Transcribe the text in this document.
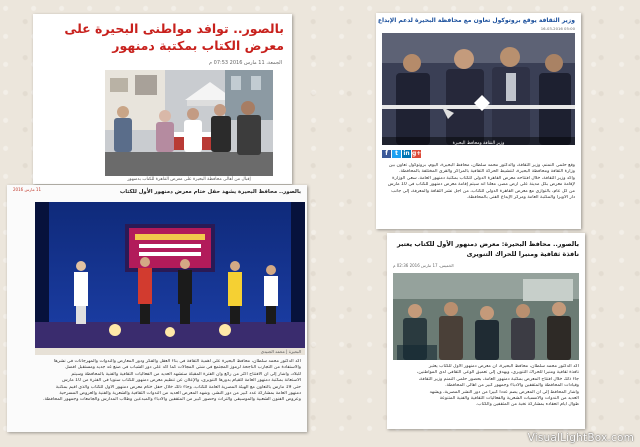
بالصور.. توافد مواطنى البحيرة على معرض الكتاب بمكتبة دمنهور
الجمعة، 11 مارس 2016 07:53 م
إقبال من أهالى محافظة البحيرة على معرض القاهرة للكتاب بدمنهور
وزير الثقافة يوقع بروتوكول تعاون مع محافظة البحيرة لدعم الإبداع
05:00 16-03-2016
وزير الثقافة ومحافظ البحيرة
f	t in g+
وقع حلمى النمنم، وزير الثقافة، والدكتور محمد سلطان، محافظ البحيرة، اليوم، بروتوكول تعاون بين
وزارة الثقافة ومحافظة البحيرة، لتنشيط الحركة الثقافية بالمراكز والقرى المختلفة بالمحافظة.
وأكد وزير الثقافة، خلال افتتاحه معرض القاهرة الدولى للكتاب بمكتبة دمنهور العامة، سعى الوزارة
لإقامة معرض بكل مدينة على أرض مصر، معلنا أنه سيتم إقامة معرض دمنهور للكتاب فى 10 مارس
من كل عام، بالتوازى مع معرض القاهرة الدولى للكتاب، من أجل نشر الثقافة والمعرفة، إلى جانب
دار الأوبرا والمكتبة العامة ومركز الإبداع الفنى بالمحافظة.
11 مارس 2016	بالصور.. محافظ البحيرة يشهد حفل ختام معرض دمنهور الأول للكتاب
البحيرة | محمد الجنيدى
أكد الدكتور محمد سلطان، محافظ البحيرة على أهمية الثقافة فى بناء العقل والفكر ودور المعارض والندوات والمهرجانات فى نشرها
والاستفادة من التجارب الناجحة لرموز المجتمع فى شتى المجالات كما أكد على دور الشباب فى صنع غد جديد ومستقبل أفضل
للبلاد، وأشار إلى أن الافتتاح أكثر من رائع وأن الفترة المقبلة ستشهد العديد من الفعاليات الثقافية والفنية بالمحافظة وسيتم
الاستعانة بمكتبة دمنهور العامة للقيام بدورها التنويرى، والإعلان عن تنظيم معرض دمنهور للكتاب سنويا فى الفترة من 10 مارس
حتى 19 مارس بالتعاون مع الهيئة المصرية العامة للكتاب، وجاء ذلك خلال حفل ختام معرض دمنهور الأول للكتاب والذى أقيم بمكتبة
دمنهور العامة بمشاركة عدد كبير من دور النشر، وشهد المعرض العديد من الندوات الثقافية والشعرية والفنية والعروض المسرحية
وعروض الفنون الشعبية والموسيقى والتراث وحضور كبير من المثقفين والأدباء والمبدعين وطلاب المدارس والجامعات وجمهور المحافظة.
بالصور.. محافظ البحيرة: معرض دمنهور الأول للكتاب يعتبر نافذة ثقافية ومنبرا للحراك التنويرى
الخميس، 17 مارس 2016 02:36 م
أكد الدكتور محمد سلطان، محافظ البحيرة، أن معرض دمنهور الأول للكتاب يعتبر
نافذة ثقافية ومنبرا للحراك التنويرى، ويهدف إلى تعميق الوعى الثقافى لدى المواطنين،
جاء ذلك خلال افتتاح المعرض بمكتبة دمنهور العامة، بحضور حلمى النمنم وزير الثقافة،
وقيادات المحافظة والمثقفين والأدباء وجمهور كبير من أهالى المحافظة.
وأشار المحافظ إلى أن المعرض يضم عددا كبيرا من دور النشر المصرية، ويشهد
العديد من الندوات والأمسيات الشعرية والفعاليات الثقافية والفنية المتنوعة
طوال أيام انعقاده بمشاركة نخبة من المثقفين والكتاب.
VisualLightBox.com
